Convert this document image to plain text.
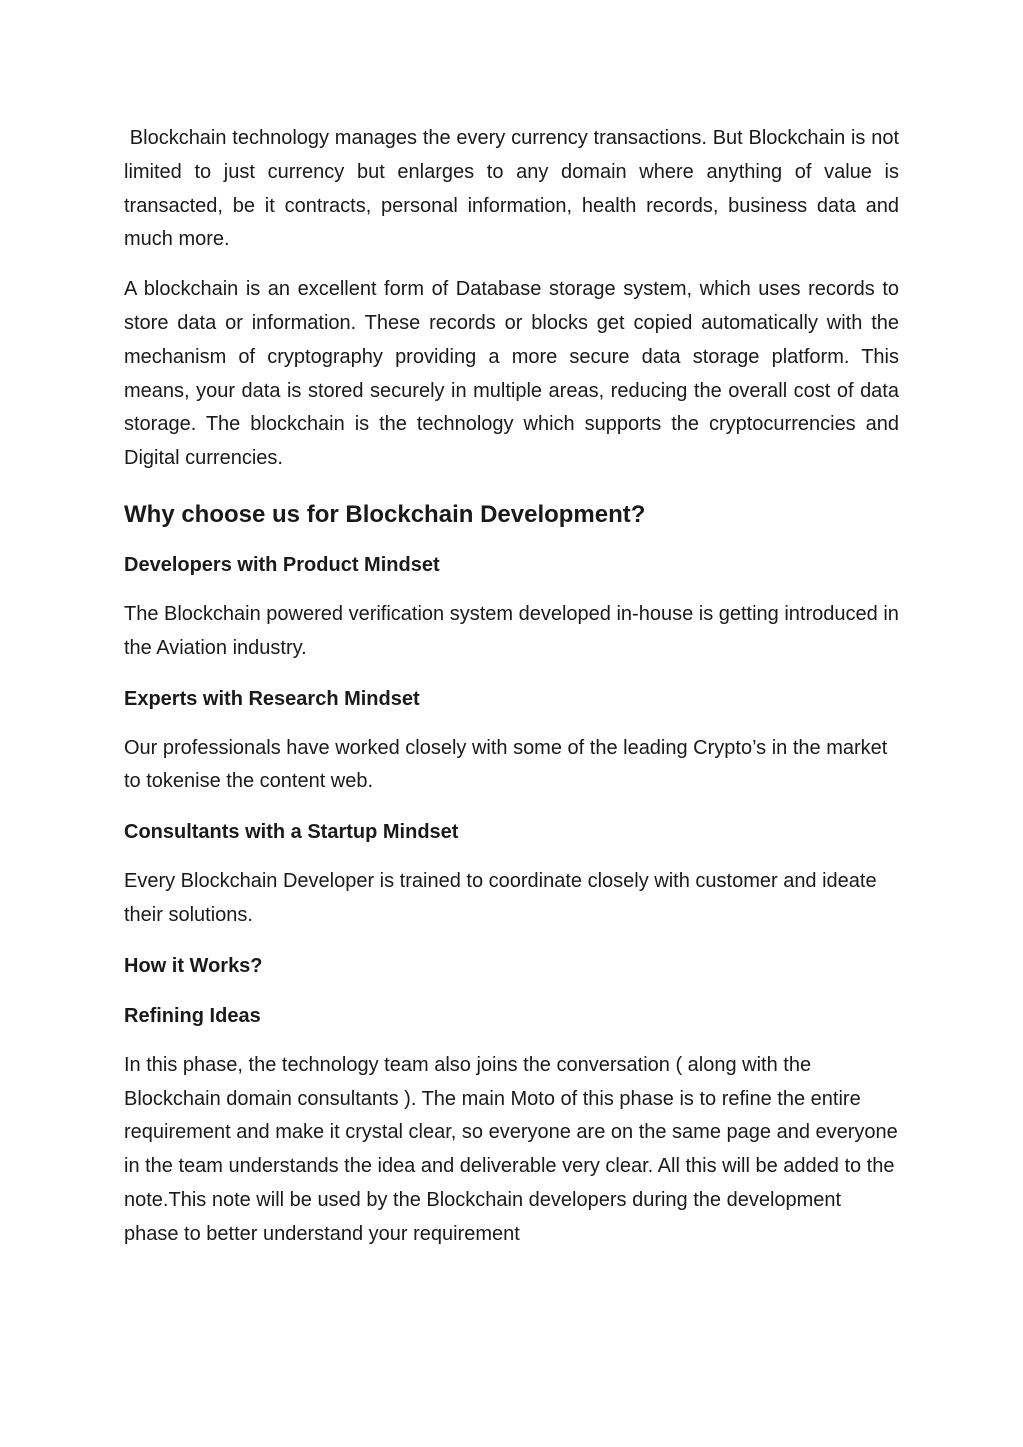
Blockchain technology manages the every currency transactions. But Blockchain is not limited to just currency but enlarges to any domain where anything of value is transacted, be it contracts, personal information, health records, business data and much more.

A blockchain is an excellent form of Database storage system, which uses records to store data or information. These records or blocks get copied automatically with the mechanism of cryptography providing a more secure data storage platform. This means, your data is stored securely in multiple areas, reducing the overall cost of data storage. The blockchain is the technology which supports the cryptocurrencies and Digital currencies.

Why choose us for Blockchain Development?
Developers with Product Mindset

The Blockchain powered verification system developed in-house is getting introduced in the Aviation industry.

Experts with Research Mindset

Our professionals have worked closely with some of the leading Crypto’s in the market to tokenise the content web.

Consultants with a Startup Mindset

Every Blockchain Developer is trained to coordinate closely with customer and ideate their solutions.

How it Works?
Refining Ideas

In this phase, the technology team also joins the conversation ( along with the Blockchain domain consultants ). The main Moto of this phase is to refine the entire requirement and make it crystal clear, so everyone are on the same page and everyone in the team understands the idea and deliverable very clear. All this will be added to the note.This note will be used by the Blockchain developers during the development phase to better understand your requirement
